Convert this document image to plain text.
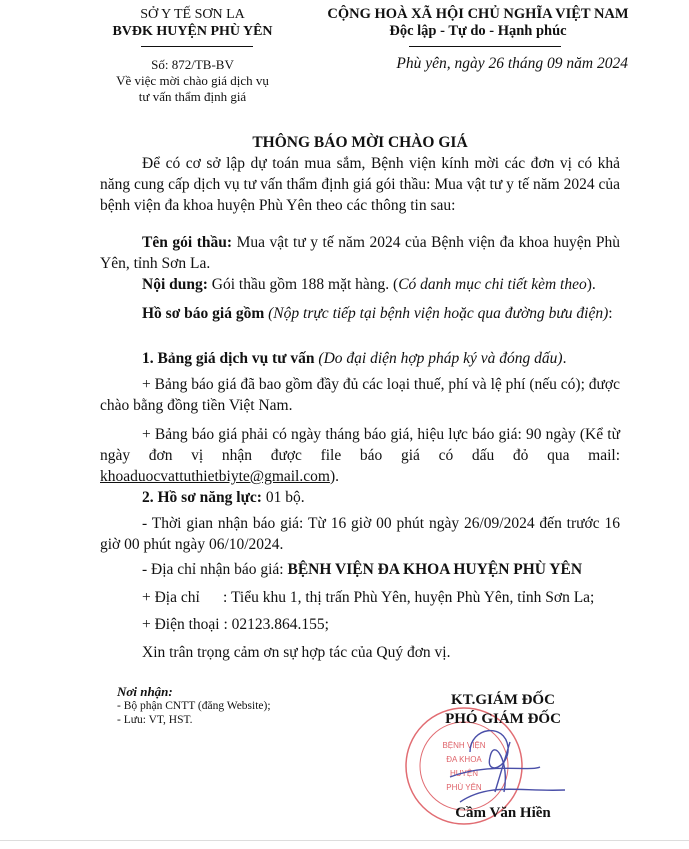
SỞ Y TẾ SƠN LA
BVĐK HUYỆN PHÙ YÊN
Số: 872/TB-BV
Về việc mời chào giá dịch vụ
tư vấn thẩm định giá
CỘNG HOÀ XÃ HỘI CHỦ NGHĨA VIỆT NAM
Độc lập - Tự do - Hạnh phúc
Phù yên, ngày 26 tháng 09 năm 2024
THÔNG BÁO MỜI CHÀO GIÁ
Để có cơ sở lập dự toán mua sắm, Bệnh viện kính mời các đơn vị có khả năng cung cấp dịch vụ tư vấn thẩm định giá gói thầu: Mua vật tư y tế năm 2024 của bệnh viện đa khoa huyện Phù Yên theo các thông tin sau:
Tên gói thầu: Mua vật tư y tế năm 2024 của Bệnh viện đa khoa huyện Phù Yên, tỉnh Sơn La.
Nội dung: Gói thầu gồm 188 mặt hàng. (Có danh mục chi tiết kèm theo).
Hồ sơ báo giá gồm (Nộp trực tiếp tại bệnh viện hoặc qua đường bưu điện):
1. Bảng giá dịch vụ tư vấn (Do đại diện hợp pháp ký và đóng dấu).
+ Bảng báo giá đã bao gồm đầy đủ các loại thuế, phí và lệ phí (nếu có); được chào bằng đồng tiền Việt Nam.
+ Bảng báo giá phải có ngày tháng báo giá, hiệu lực báo giá: 90 ngày (Kể từ ngày đơn vị nhận được file báo giá có dấu đỏ qua mail: khoaduocvattuthietbiyte@gmail.com).
2. Hồ sơ năng lực: 01 bộ.
- Thời gian nhận báo giá: Từ 16 giờ 00 phút ngày 26/09/2024 đến trước 16 giờ 00 phút ngày 06/10/2024.
- Địa chỉ nhận báo giá: BỆNH VIỆN ĐA KHOA HUYỆN PHÙ YÊN
+ Địa chỉ      : Tiểu khu 1, thị trấn Phù Yên, huyện Phù Yên, tỉnh Sơn La;
+ Điện thoại : 02123.864.155;
Xin trân trọng cảm ơn sự hợp tác của Quý đơn vị.
Nơi nhận:
- Bộ phận CNTT (đăng Website);
- Lưu: VT, HST.
BỆNH VIỆN
ĐA KHOA
HUYỆN
PHÙ YÊN
KT.GIÁM ĐỐC
PHÓ GIÁM ĐỐC
Cầm Văn Hiền
